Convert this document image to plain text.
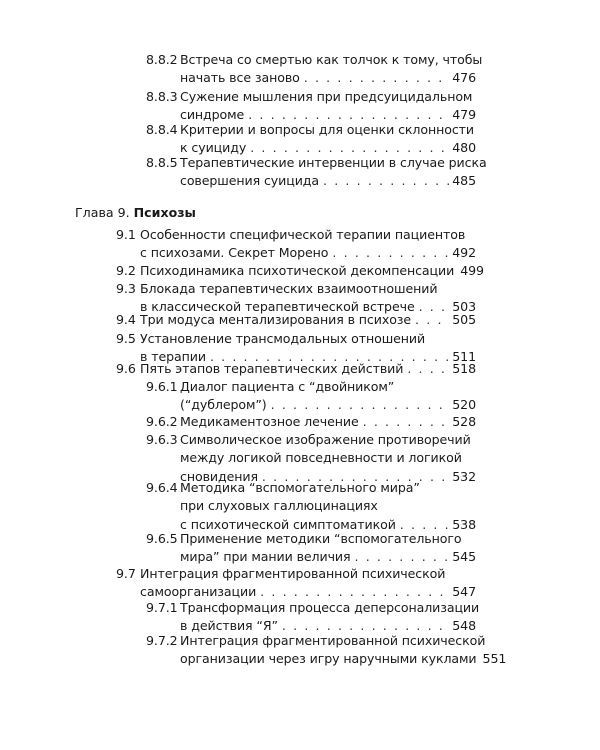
8.8.2 Встреча со смертью как толчок к тому, чтобы
начать все заново . . .	476
8.8.3 Сужение мышления при предсуицидальном
синдроме . . .	479
8.8.4 Критерии и вопросы для оценки склонности
к суициду . . .	480
8.8.5 Терапевтические интервенции в случае риска
совершения суицида . . .	485
Глава 9. Психозы
9.1 Особенности специфической терапии пациентов
с психозами. Секрет Морено . . .	492
9.2 Психодинамика психотической декомпенсации 499
9.3 Блокада терапевтических взаимоотношений
в классической терапевтической встрече . . .	503
9.4 Три модуса ментализирования в психозе . . .	505
9.5 Установление трансмодальных отношений
в терапии . . .	511
9.6 Пять этапов терапевтических действий . . .	518
9.6.1 Диалог пациента с “двойником”
(“дублером”) . . .	520
9.6.2 Медикаментозное лечение . . .	528
9.6.3 Символическое изображение противоречий
между логикой повседневности и логикой
сновидения . . .	532
9.6.4 Методика “вспомогательного мира”
при слуховых галлюцинациях
с психотической симптоматикой . . .	538
9.6.5 Применение методики “вспомогательного
мира” при мании величия . . .	545
9.7 Интеграция фрагментированной психической
самоорганизации . . .	547
9.7.1 Трансформация процесса деперсонализации
в действия “Я” . . .	548
9.7.2 Интеграция фрагментированной психической
организации через игру наручными куклами 551
